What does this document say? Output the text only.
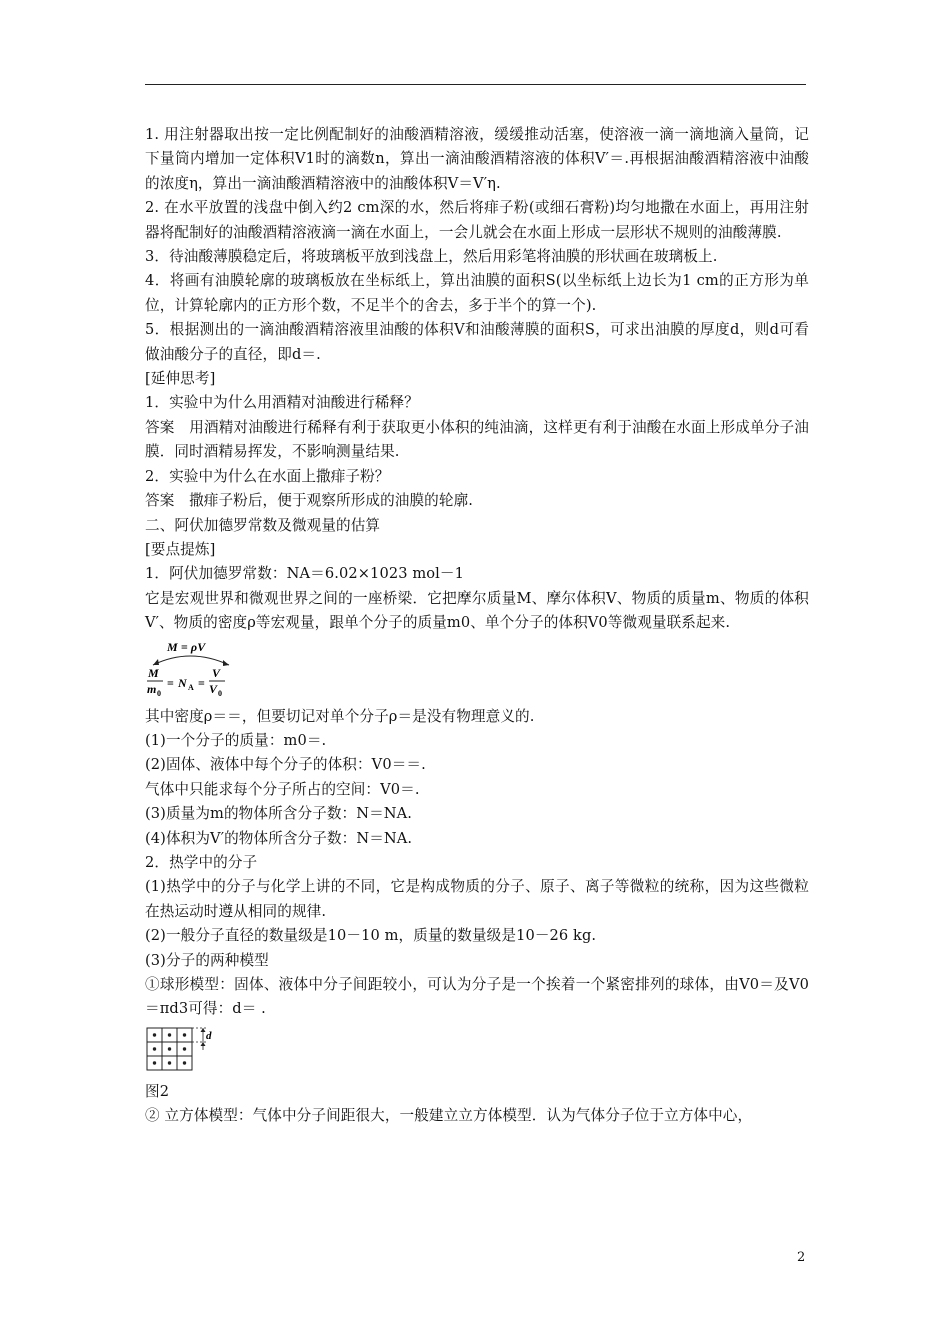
1. 用注射器取出按一定比例配制好的油酸酒精溶液，缓缓推动活塞，使溶液一滴一滴地滴入量筒，记下量筒内增加一定体积V1时的滴数n，算出一滴油酸酒精溶液的体积V′＝.再根据油酸酒精溶液中油酸的浓度η，算出一滴油酸酒精溶液中的油酸体积V＝V′η.

2. 在水平放置的浅盘中倒入约2 cm深的水，然后将痱子粉(或细石膏粉)均匀地撒在水面上，再用注射器将配制好的油酸酒精溶液滴一滴在水面上，一会儿就会在水面上形成一层形状不规则的油酸薄膜.

3．待油酸薄膜稳定后，将玻璃板平放到浅盘上，然后用彩笔将油膜的形状画在玻璃板上.

4．将画有油膜轮廓的玻璃板放在坐标纸上，算出油膜的面积S(以坐标纸上边长为1 cm的正方形为单位，计算轮廓内的正方形个数，不足半个的舍去，多于半个的算一个).

5．根据测出的一滴油酸酒精溶液里油酸的体积V和油酸薄膜的面积S，可求出油膜的厚度d，则d可看做油酸分子的直径，即d＝.

[延伸思考]

1．实验中为什么用酒精对油酸进行稀释？

答案　用酒精对油酸进行稀释有利于获取更小体积的纯油滴，这样更有利于油酸在水面上形成单分子油膜．同时酒精易挥发，不影响测量结果.

2．实验中为什么在水面上撒痱子粉？

答案　撒痱子粉后，便于观察所形成的油膜的轮廓.

二、阿伏加德罗常数及微观量的估算

[要点提炼]

1．阿伏加德罗常数：NA＝6.02×1023 mol－1

它是宏观世界和微观世界之间的一座桥梁．它把摩尔质量M、摩尔体积V、物质的质量m、物质的体积V′、物质的密度ρ等宏观量，跟单个分子的质量m0、单个分子的体积V0等微观量联系起来.

M = ρV
M
m 0
= N A =
V
V 0

其中密度ρ＝＝，但要切记对单个分子ρ＝是没有物理意义的.

(1)一个分子的质量：m0＝.

(2)固体、液体中每个分子的体积：V0＝＝.

气体中只能求每个分子所占的空间：V0＝.

(3)质量为m的物体所含分子数：N＝NA.

(4)体积为V′的物体所含分子数：N＝NA.

2．热学中的分子

(1)热学中的分子与化学上讲的不同，它是构成物质的分子、原子、离子等微粒的统称，因为这些微粒在热运动时遵从相同的规律.

(2)一般分子直径的数量级是10－10 m，质量的数量级是10－26 kg.

(3)分子的两种模型

①球形模型：固体、液体中分子间距较小，可认为分子是一个挨着一个紧密排列的球体，由V0＝及V0＝πd3可得：d＝ .

d

图2

② 立方体模型：气体中分子间距很大，一般建立立方体模型．认为气体分子位于立方体中心，

2
